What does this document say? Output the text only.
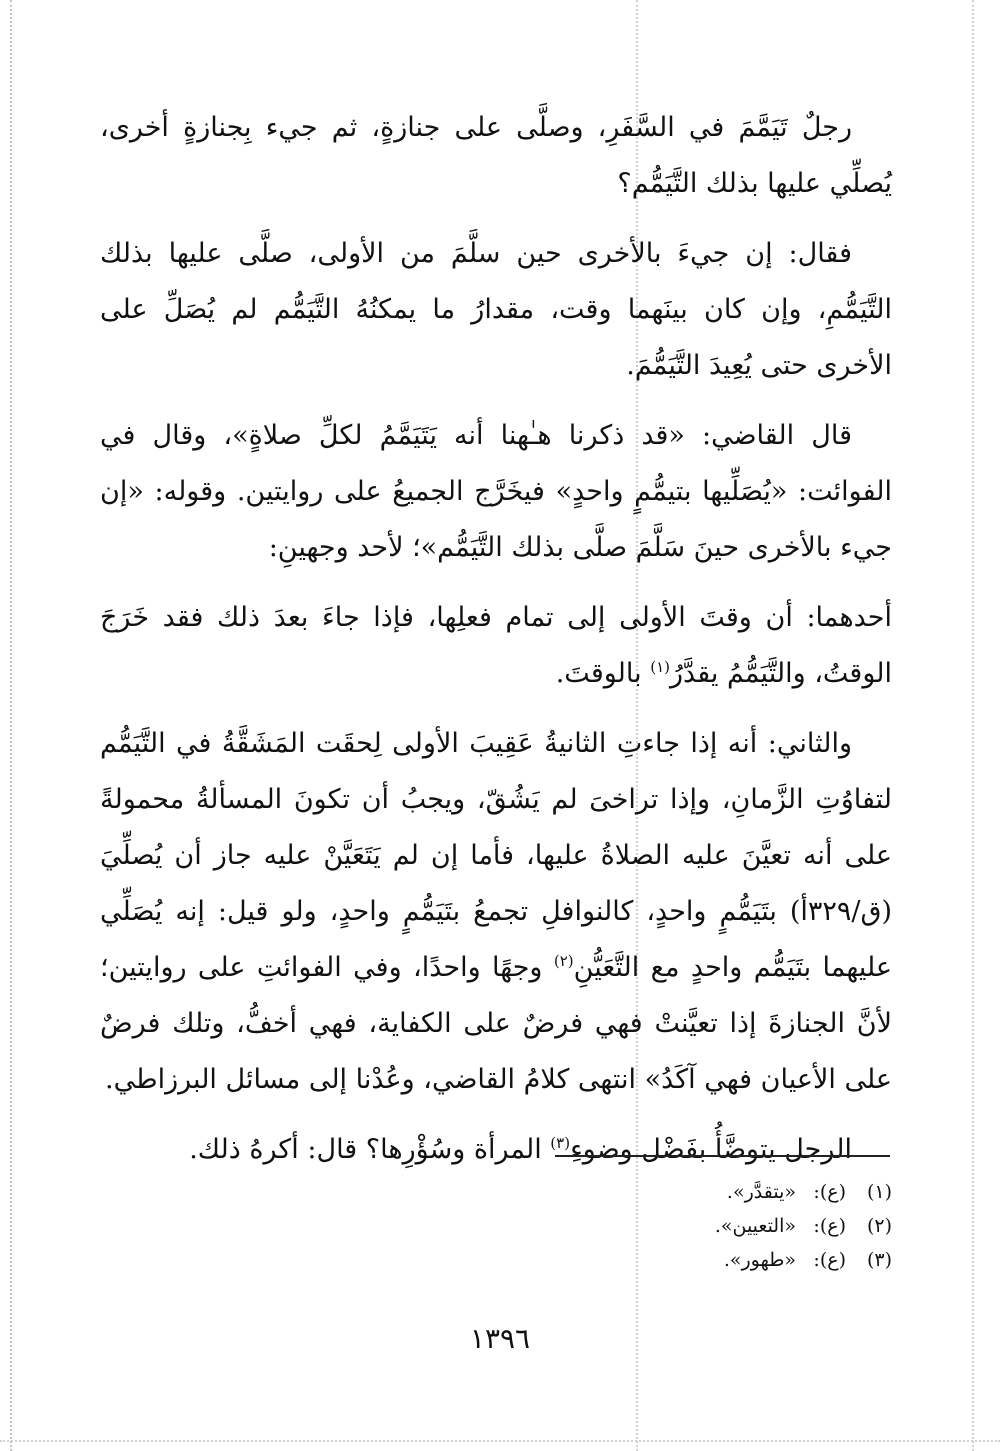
رجلٌ تَيَمَّمَ في السَّفَرِ، وصلَّى على جنازةٍ، ثم جيء بِجنازةٍ أخرى، يُصلِّي عليها بذلك التَّيَمُّم؟

فقال: إن جيءَ بالأخرى حين سلَّمَ من الأولى، صلَّى عليها بذلك التَّيَمُّمِ، وإن كان بينَهما وقت، مقدارُ ما يمكنُهُ التَّيَمُّم لم يُصَلِّ على الأخرى حتى يُعِيدَ التَّيَمُّمَ.

قال القاضي: «قد ذكرنا هـٰهنا أنه يَتَيَمَّمُ لكلِّ صلاةٍ»، وقال في الفوائت: «يُصَلِّيها بتيمُّمٍ واحدٍ» فيخَرَّج الجميعُ على روايتين. وقوله: «إن جيء بالأخرى حينَ سَلَّمَ صلَّى بذلك التَّيَمُّم»؛ لأحد وجهينِ:

أحدهما: أن وقتَ الأولى إلى تمام فعلِها، فإذا جاءَ بعدَ ذلك فقد خَرَجَ الوقتُ، والتَّيَمُّمُ يقدَّرُ$^{(١)}$ بالوقتَ.

والثاني: أنه إذا جاءتِ الثانيةُ عَقِيبَ الأولى لِحقَت المَشَقَّةُ في التَّيَمُّم لتفاوُتِ الزَّمانِ، وإذا تراخىَ لم يَشُقّ، ويجبُ أن تكونَ المسألةُ محمولةً على أنه تعيَّنَ عليه الصلاةُ عليها، فأما إن لم يَتَعَيَّنْ عليه جاز أن يُصلِّيَ (ق/٣٢٩أ) بتَيَمُّمٍ واحدٍ، كالنوافلِ تجمعُ بتَيَمُّمٍ واحدٍ، ولو قيل: إنه يُصَلِّي عليهما بتَيَمُّم واحدٍ مع التَّعَيُّنِ$^{(٢)}$ وجهًا واحدًا، وفي الفوائتِ على روايتين؛ لأنَّ الجنازةَ إذا تعيَّنتْ فهي فرضٌ على الكفاية، فهي أخفُّ، وتلك فرضٌ على الأعيان فهي آكَدُ» انتهى كلامُ القاضي، وعُدْنا إلى مسائل البرزاطي.

الرجل يتوضَّأُ بفَضْل وضوءِ$^{(٣)}$ المرأة وسُؤْرِها؟ قال: أكرهُ ذلك.

(١)
(ع):
«يتقدَّر».
(٢)
(ع):
«التعيين».
(٣)
(ع):
«طهور».
١٣٩٦
